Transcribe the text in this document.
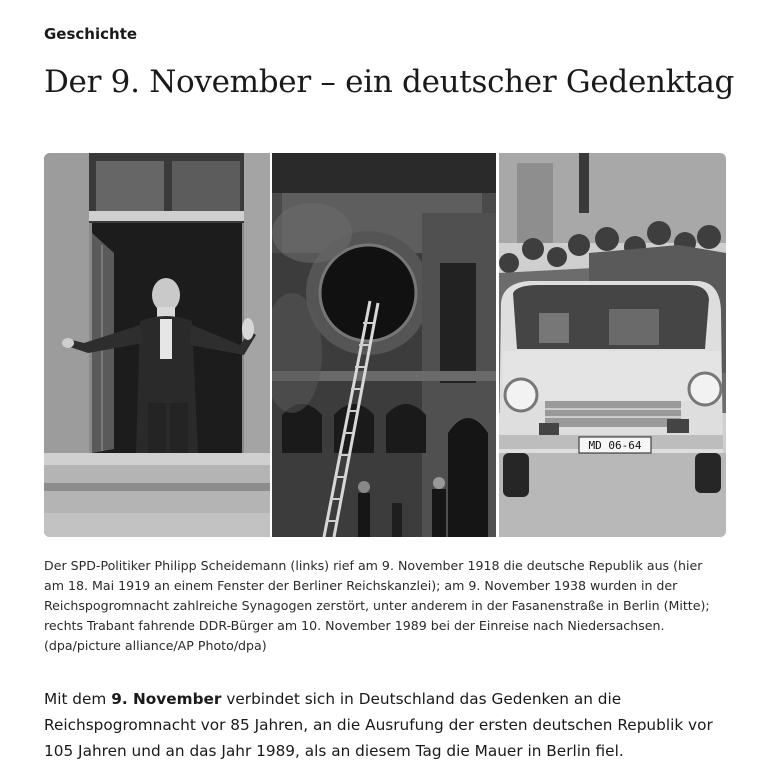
Geschichte
Der 9. November – ein deutscher Gedenktag
MD 06-64

Der SPD-Politiker Philipp Scheidemann (links) rief am 9. November 1918 die deutsche Republik aus (hier am 18. Mai 1919 an einem Fenster der Berliner Reichskanzlei); am 9. November 1938 wurden in der Reichspogromnacht zahlreiche Synagogen zerstört, unter anderem in der Fasanenstraße in Berlin (Mitte); rechts Trabant fahrende DDR-Bürger am 10. November 1989 bei der Einreise nach Niedersachsen. (dpa/picture alliance/AP Photo/dpa)

Mit dem 9. November verbindet sich in Deutschland das Gedenken an die Reichspogromnacht vor 85 Jahren, an die Ausrufung der ersten deutschen Republik vor 105 Jahren und an das Jahr 1989, als an diesem Tag die Mauer in Berlin fiel.
